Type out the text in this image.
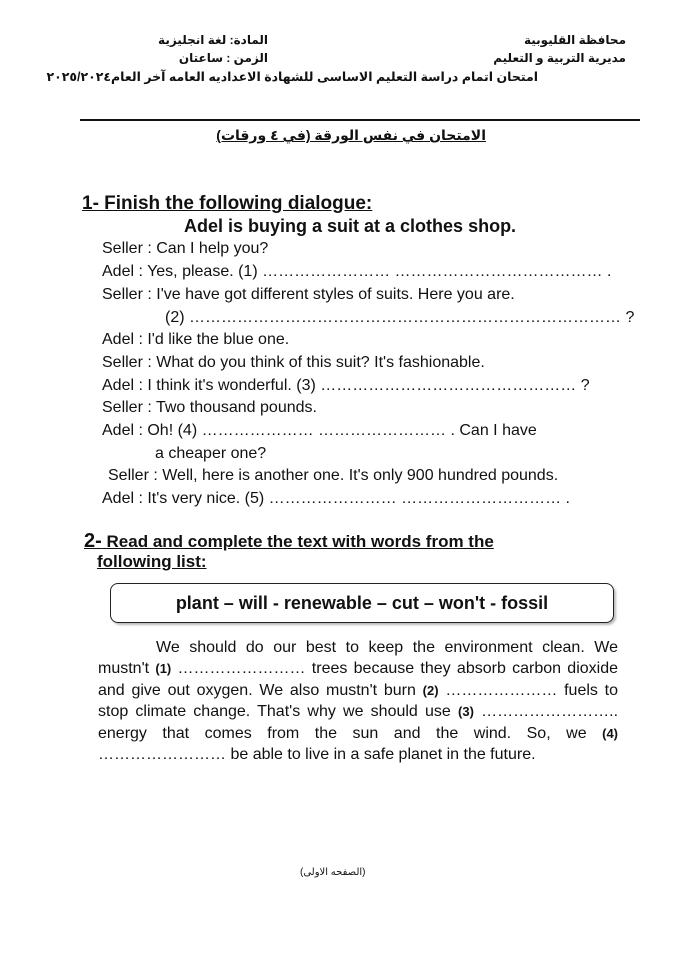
محافظة القليوبية
مديرية التربية و التعليم
المادة: لغة انجليزية
الزمن : ساعتان
امتحان اتمام دراسة التعليم الاساسى للشهادة الاعداديه العامه آخر العام٢٠٢٥/٢٠٢٤
الامتحان في نفس الورقة (في ٤ ورقات)
1- Finish the following dialogue:
Adel is buying a suit at a clothes shop.
Seller : Can I help you?
Adel : Yes, please. (1) …………………… ………………………………… .
Seller : I've have got different styles of suits. Here you are.
(2) ……………………………………………………………………… ?
Adel : I'd like the blue one.
Seller : What do you think of this suit? It's fashionable.
Adel : I think it's wonderful. (3) ………………………………………… ?
Seller : Two thousand pounds.
Adel : Oh! (4) ………………… …………………… . Can I have
a cheaper one?
Seller : Well, here is another one. It's only 900 hundred pounds.
Adel : It's very nice. (5) …………………… ………………………… .
2- Read and complete the text with words from the
following list:
plant – will - renewable – cut – won't - fossil
We should do our best to keep the environment clean. We mustn't (1) …………………… trees because they absorb carbon dioxide and give out oxygen. We also mustn't burn (2) ………………… fuels to stop climate change. That's why we should use (3) …………………….. energy that comes from the sun and the wind. So, we (4) …………………… be able to live in a safe planet in the future.
(الصفحه الاولى)
